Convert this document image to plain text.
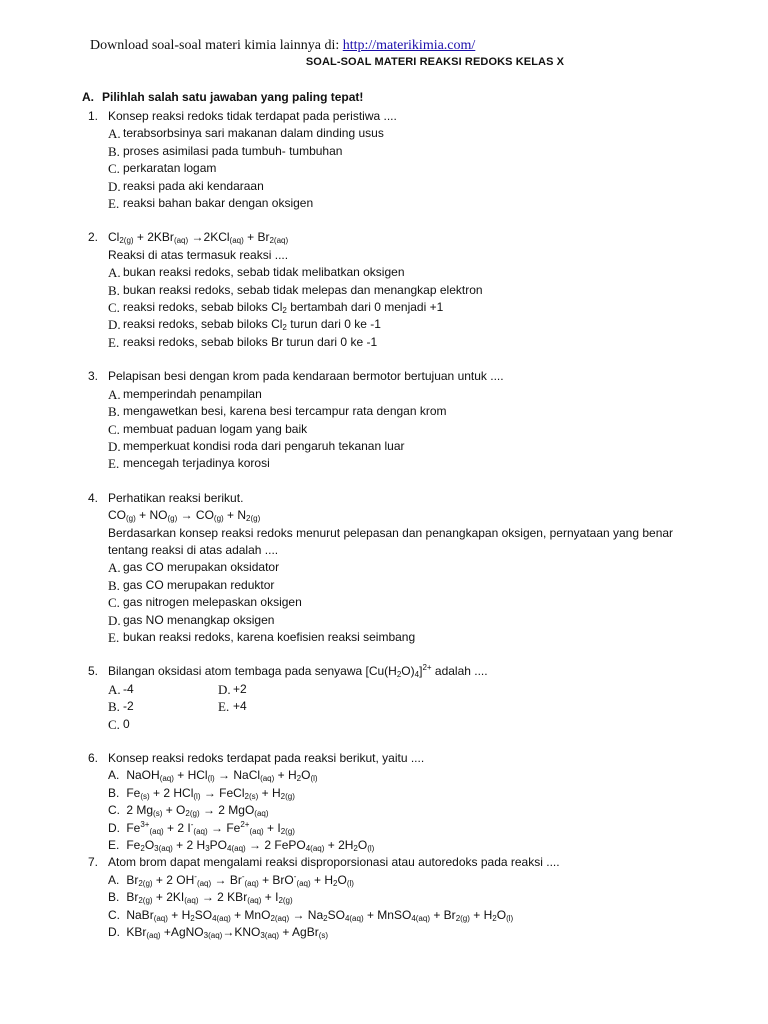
Download soal-soal materi kimia lainnya di: http://materikimia.com/
SOAL-SOAL MATERI REAKSI REDOKS KELAS X
A. Pilihlah salah satu jawaban yang paling tepat!
1. Konsep reaksi redoks tidak terdapat pada peristiwa ....
A. terabsorbsinya sari makanan dalam dinding usus
B. proses asimilasi pada tumbuh- tumbuhan
C. perkaratan logam
D. reaksi pada aki kendaraan
E. reaksi bahan bakar dengan oksigen
2. $Cl_{2(g)} + 2KBr_{(aq)} \to 2KCl_{(aq)} + Br_{2(aq)}$
Reaksi di atas termasuk reaksi ....
A. bukan reaksi redoks, sebab tidak melibatkan oksigen
B. bukan reaksi redoks, sebab tidak melepas dan menangkap elektron
C. reaksi redoks, sebab biloks $Cl_2$ bertambah dari 0 menjadi +1
D. reaksi redoks, sebab biloks $Cl_2$ turun dari 0 ke -1
E. reaksi redoks, sebab biloks Br turun dari 0 ke -1
3. Pelapisan besi dengan krom pada kendaraan bermotor bertujuan untuk ....
A. memperindah penampilan
B. mengawetkan besi, karena besi tercampur rata dengan krom
C. membuat paduan logam yang baik
D. memperkuat kondisi roda dari pengaruh tekanan luar
E. mencegah terjadinya korosi
4. Perhatikan reaksi berikut.
$CO_{(g)} + NO_{(g)} \to CO_{(g)} + N_{2(g)}$
Berdasarkan konsep reaksi redoks menurut pelepasan dan penangkapan oksigen, pernyataan yang benar tentang reaksi di atas adalah ....
A. gas CO merupakan oksidator
B. gas CO merupakan reduktor
C. gas nitrogen melepaskan oksigen
D. gas NO menangkap oksigen
E. bukan reaksi redoks, karena koefisien reaksi seimbang
5. Bilangan oksidasi atom tembaga pada senyawa $[Cu(H_2O)_4]^{2+}$ adalah ....
A. -4	D. +2
B. -2	E. +4
C. 0
6. Konsep reaksi redoks terdapat pada reaksi berikut, yaitu ....
A. NaOH$_{(aq)}$ + HCl$_{(l)}$ → NaCl$_{(aq)}$ + $H_2O_{(l)}$
B. $Fe_{(s)} + 2$ HCl$_{(l)}$ → FeCl$_{2(s)}$ + $H_{2(g)}$
C. 2 $Mg_{(s)} + O_{2(g)} \to 2$ MgO$_{(aq)}$
D. $Fe^{3+}_{(aq)} + 2$ $I^-_{(aq)} \to Fe^{2+}_{(aq)} + I_{2(g)}$
E. $Fe_2O_{3(aq)} + 2$ $H_3PO_{4(aq)} \to 2$ FePO$_{4(aq)}$ + $2H_2O_{(l)}$
7. Atom brom dapat mengalami reaksi disproporsionasi atau autoredoks pada reaksi ....
A. $Br_{2(g)} + 2$ $OH^-_{(aq)} \to Br^-_{(aq)} + BrO^-_{(aq)} + H_2O_{(l)}$
B. $Br_{2(g)} + 2KI_{(aq)} \to 2$ $KBr_{(aq)} + I_{2(g)}$
C. NaBr$_{(aq)}$ + $H_2SO_{4(aq)} + MnO_{2(aq)} \to Na_2SO_{4(aq)}$ + MnSO$_{4(aq)}$ + $Br_{2(g)} + H_2O_{(l)}$
D. $KBr_{(aq)} +AgNO_{3(aq)}\to KNO_{3(aq)}$ + AgBr$_{(s)}$
